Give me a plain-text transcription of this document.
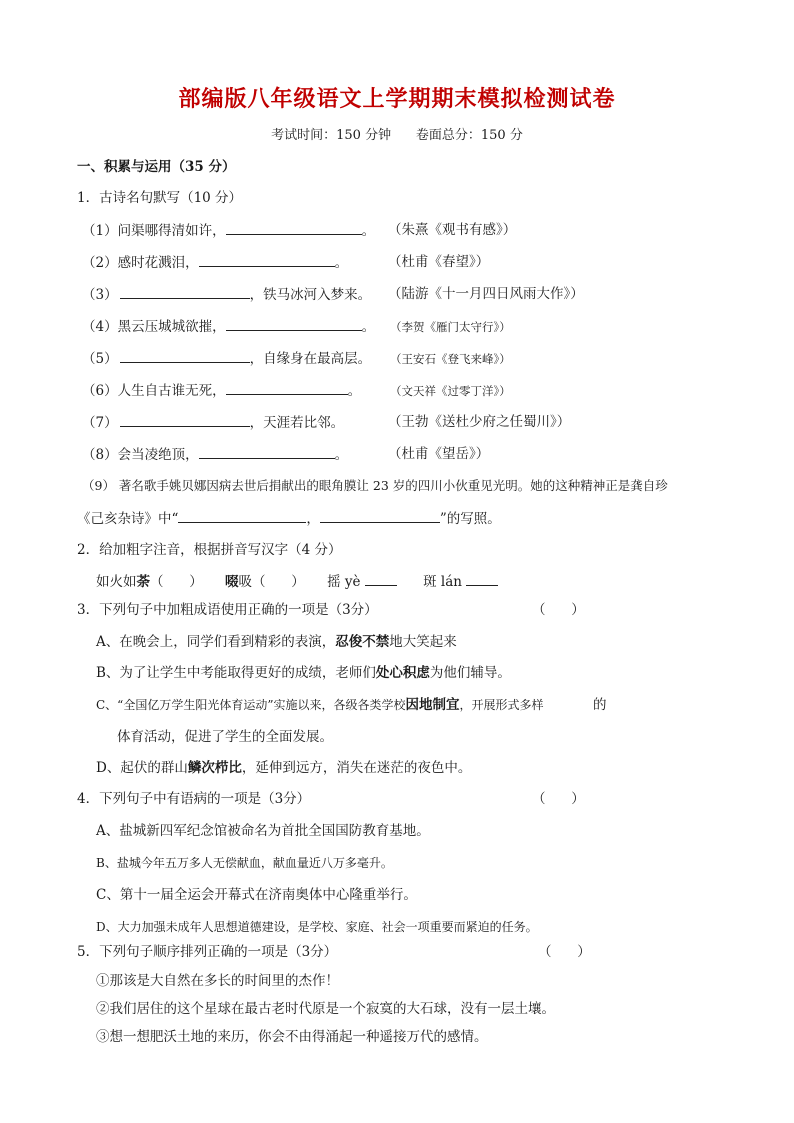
部编版八年级语文上学期期末模拟检测试卷
考试时间：150 分钟 卷面总分：150 分
一、积累与运用（35 分）
1．古诗名句默写（10 分）
（1）问渠哪得清如许，	。 （朱熹《观书有感》）
（2）感时花溅泪，	。	（杜甫《春望》）
（3）	，铁马冰河入梦来。 （陆游《十一月四日风雨大作》）
（4）黑云压城城欲摧，	。 （李贺《雁门太守行》）
（5）	，自缘身在最高层。 （王安石《登飞来峰》）
（6）人生自古谁无死，	。	（文天祥《过零丁洋》）
（7）	，天涯若比邻。	（王勃《送杜少府之任蜀川》）
（8）会当凌绝顶，	。	（杜甫《望岳》）
（9） 著名歌手姚贝娜因病去世后捐献出的眼角膜让 23 岁的四川小伙重见光明。她的这种精神正是龚自珍
《己亥杂诗》中“	，	”的写照。
2．给加粗字注音，根据拼音写汉字（4 分）
如火如荼（      ） 啜吸（      ） 摇 yè	斑 lán
3．下列句子中加粗成语使用正确的一项是（3分）	（      ）
A、在晚会上，同学们看到精彩的表演，忍俊不禁地大笑起来
B、为了让学生中考能取得更好的成绩，老师们处心积虑为他们辅导。
C、“全国亿万学生阳光体育运动”实施以来，各级各类学校因地制宜，开展形式多样	的
体育活动，促进了学生的全面发展。
D、起伏的群山鳞次栉比，延伸到远方，消失在迷茫的夜色中。
4．下列句子中有语病的一项是（3分）	（      ）
A、盐城新四军纪念馆被命名为首批全国国防教育基地。
B、盐城今年五万多人无偿献血，献血量近八万多毫升。
C、第十一届全运会开幕式在济南奥体中心隆重举行。
D、大力加强未成年人思想道德建设，是学校、家庭、社会一项重要而紧迫的任务。
5．下列句子顺序排列正确的一项是（3分）	（      ）
①那该是大自然在多长的时间里的杰作！
②我们居住的这个星球在最古老时代原是一个寂寞的大石球，没有一层土壤。
③想一想肥沃土地的来历，你会不由得涌起一种遥接万代的感情。
